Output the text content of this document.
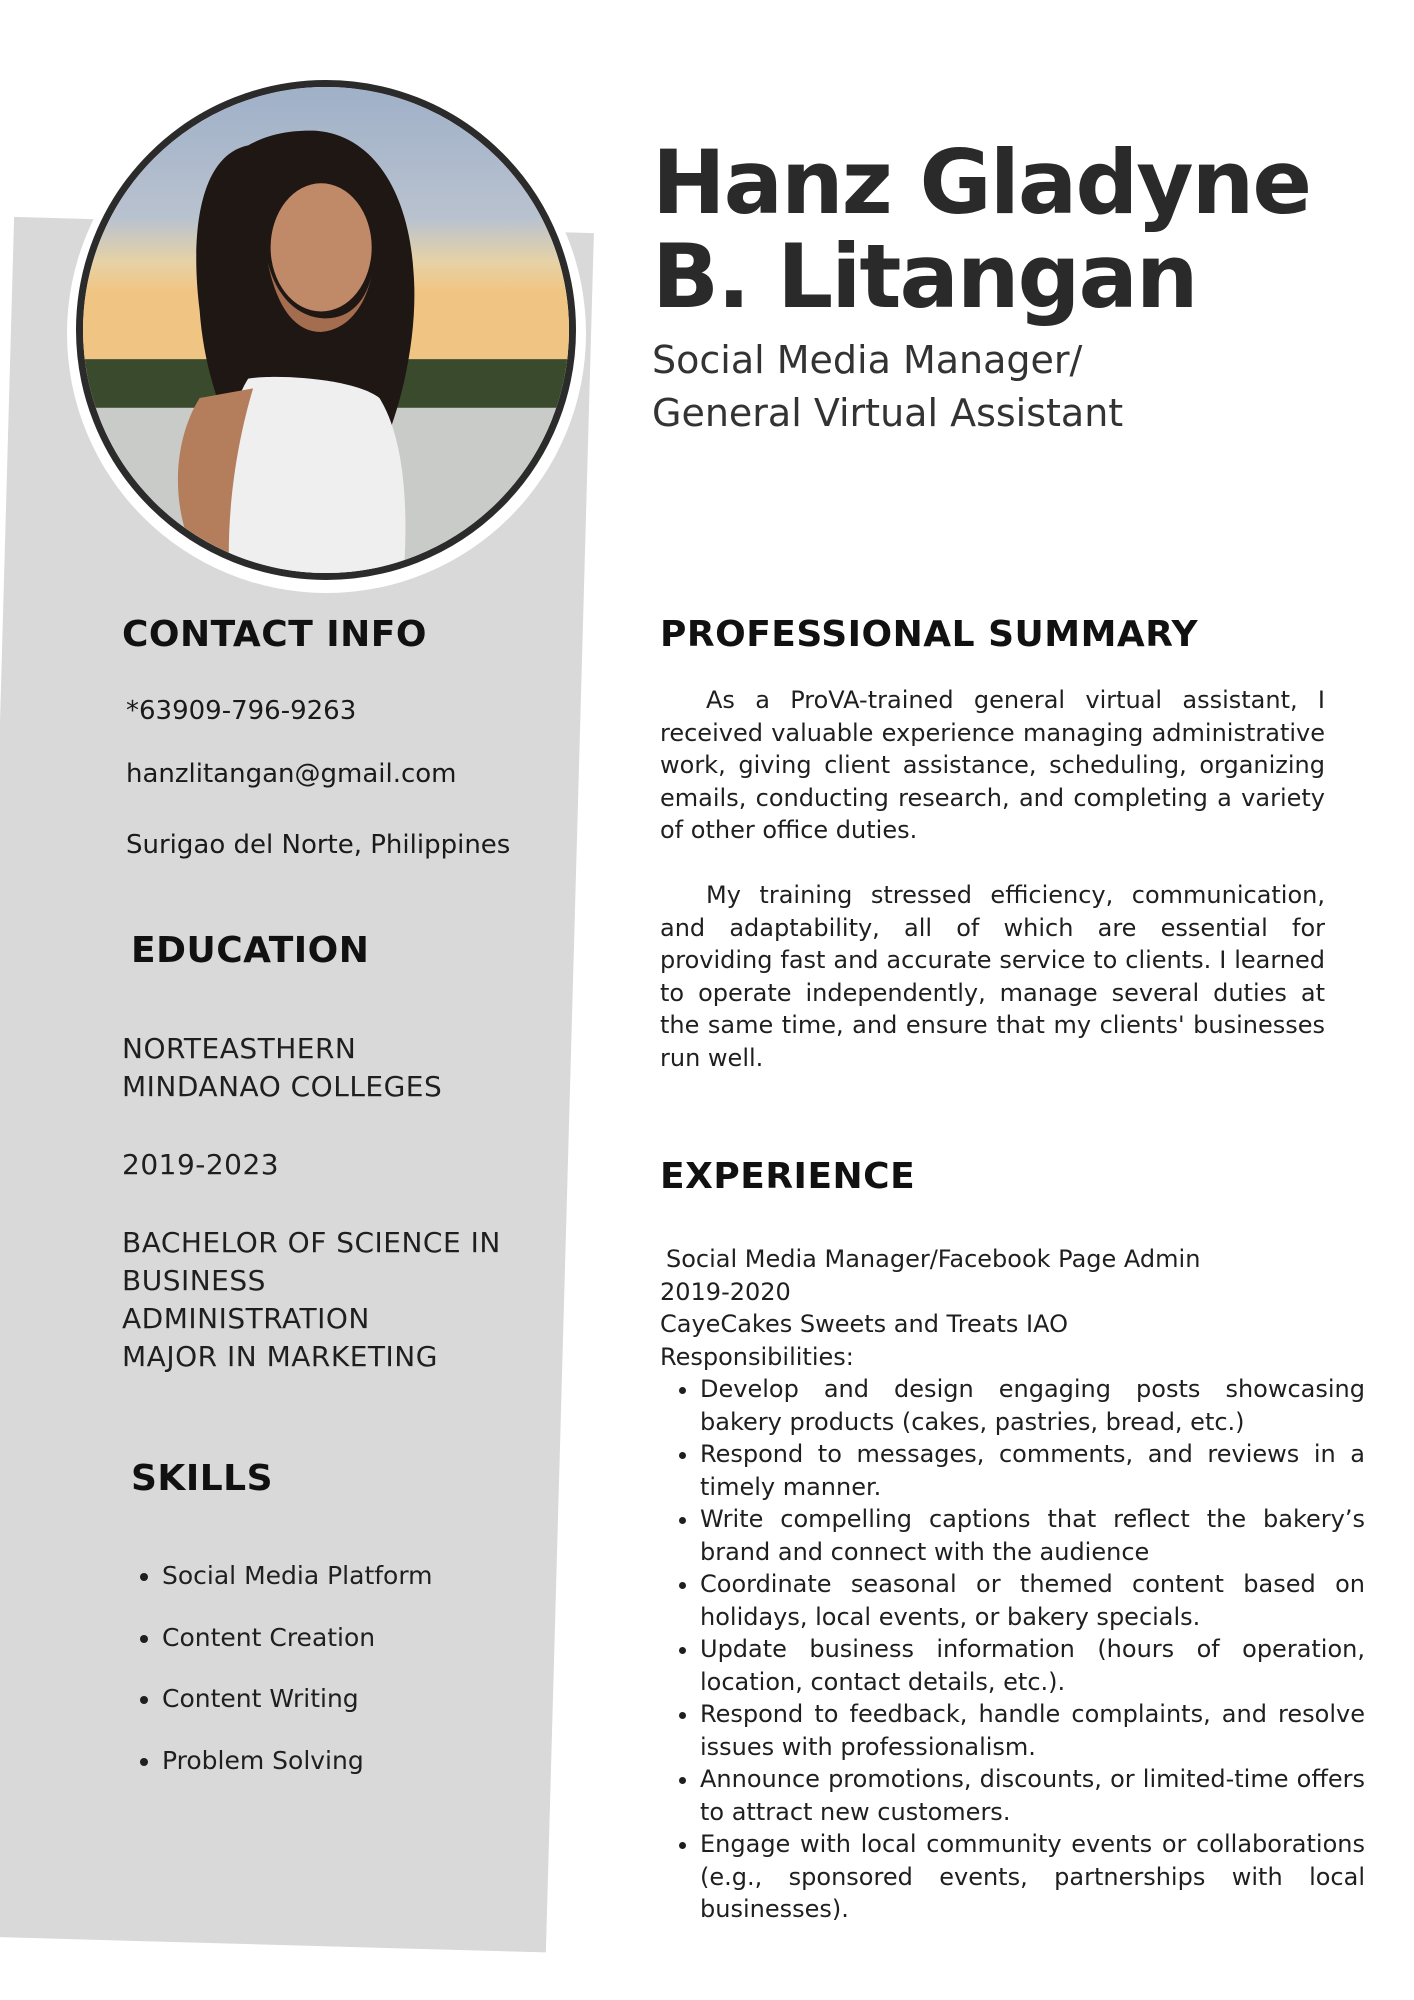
Hanz Gladyne
B. Litangan
Social Media Manager/
General Virtual Assistant
CONTACT INFO
*63909-796-9263
hanzlitangan@gmail.com
Surigao del Norte, Philippines
EDUCATION
NORTEASTHERN
MINDANAO COLLEGES
2019-2023
BACHELOR OF SCIENCE IN
BUSINESS
ADMINISTRATION
MAJOR IN MARKETING
SKILLS
• Social Media Platform
• Content Creation
• Content Writing
• Problem Solving
PROFESSIONAL SUMMARY

As a ProVA-trained general virtual assistant, I received valuable experience managing administrative work, giving client assistance, scheduling, organizing emails, conducting research, and completing a variety of other office duties.

My training stressed efficiency, communication, and adaptability, all of which are essential for providing fast and accurate service to clients. I learned to operate independently, manage several duties at the same time, and ensure that my clients' businesses run well.

EXPERIENCE
Social Media Manager/Facebook Page Admin
2019-2020
CayeCakes Sweets and Treats IAO
Responsibilities:
• Develop and design engaging posts showcasing bakery products (cakes, pastries, bread, etc.)
• Respond to messages, comments, and reviews in a timely manner.
• Write compelling captions that reflect the bakery’s brand and connect with the audience
• Coordinate seasonal or themed content based on holidays, local events, or bakery specials.
• Update business information (hours of operation, location, contact details, etc.).
• Respond to feedback, handle complaints, and resolve issues with professionalism.
• Announce promotions, discounts, or limited-time offers to attract new customers.
• Engage with local community events or collaborations (e.g., sponsored events, partnerships with local businesses).
